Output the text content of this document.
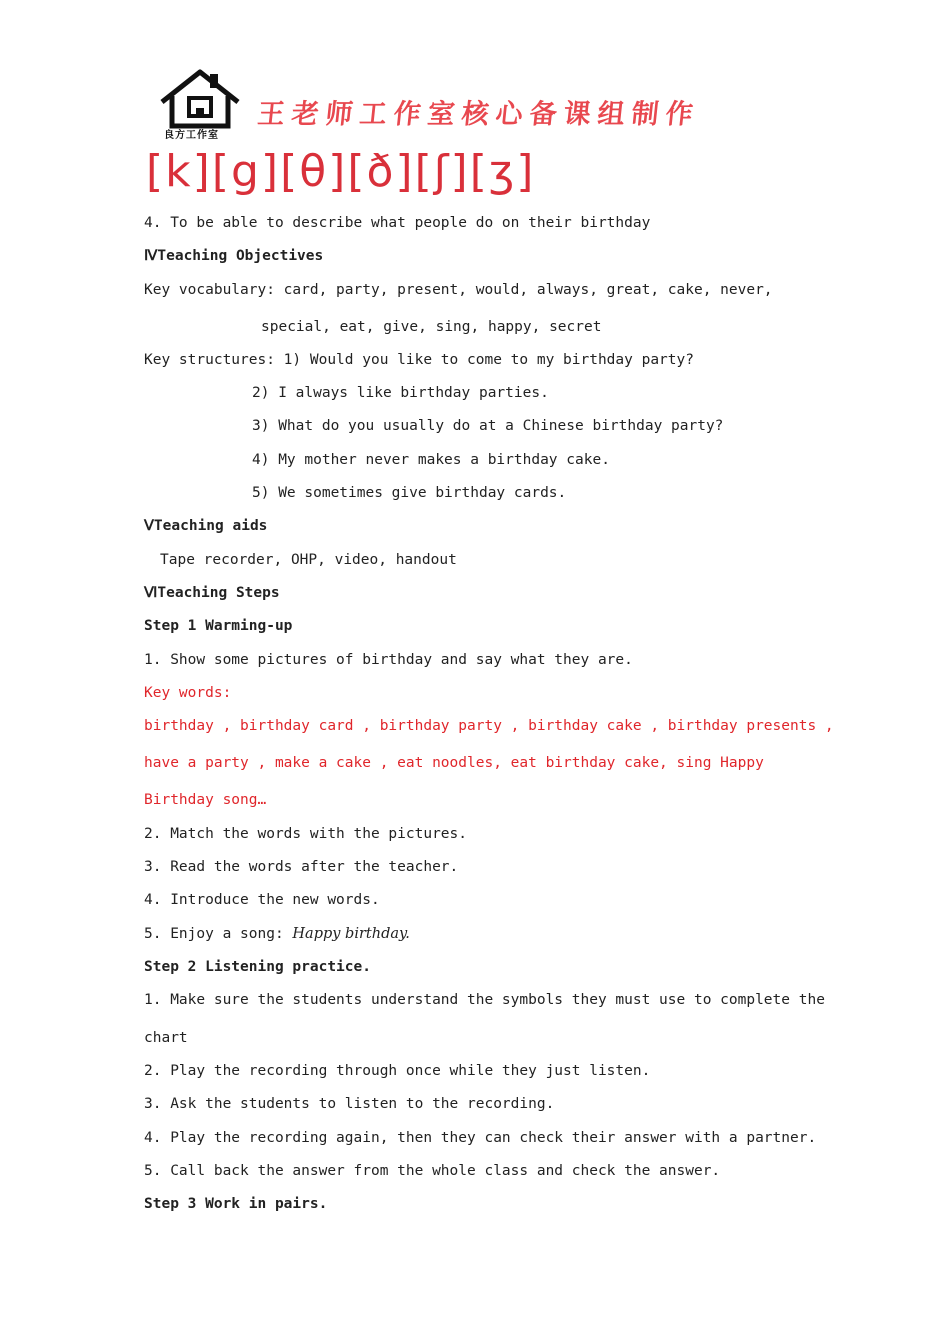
良方工作室
王老师工作室核心备课组制作
[k][g][θ][ð][ʃ][ʒ]
4. To be able to describe what people do on their birthday
ⅣTeaching Objectives
Key vocabulary: card, party, present, would, always, great, cake, never,
special, eat, give, sing, happy, secret
Key structures: 1) Would you like to come to my birthday party?
2) I always like birthday parties.
3) What do you usually do at a Chinese birthday party?
4) My mother never makes a birthday cake.
5) We sometimes give birthday cards.
ⅤTeaching aids
Tape recorder, OHP, video, handout
ⅥTeaching Steps
Step 1 Warming-up
1. Show some pictures of birthday and say what they are.
Key words:
birthday , birthday card , birthday party , birthday cake , birthday presents ,
have a party , make a cake , eat noodles, eat birthday cake, sing Happy
Birthday song…
2. Match the words with the pictures.
3. Read the words after the teacher.
4. Introduce the new words.
5. Enjoy a song: Happy birthday.
Step 2 Listening practice.
1. Make sure the students understand the symbols they must use to complete the
chart
2. Play the recording through once while they just listen.
3. Ask the students to listen to the recording.
4. Play the recording again, then they can check their answer with a partner.
5. Call back the answer from the whole class and check the answer.
Step 3 Work in pairs.
